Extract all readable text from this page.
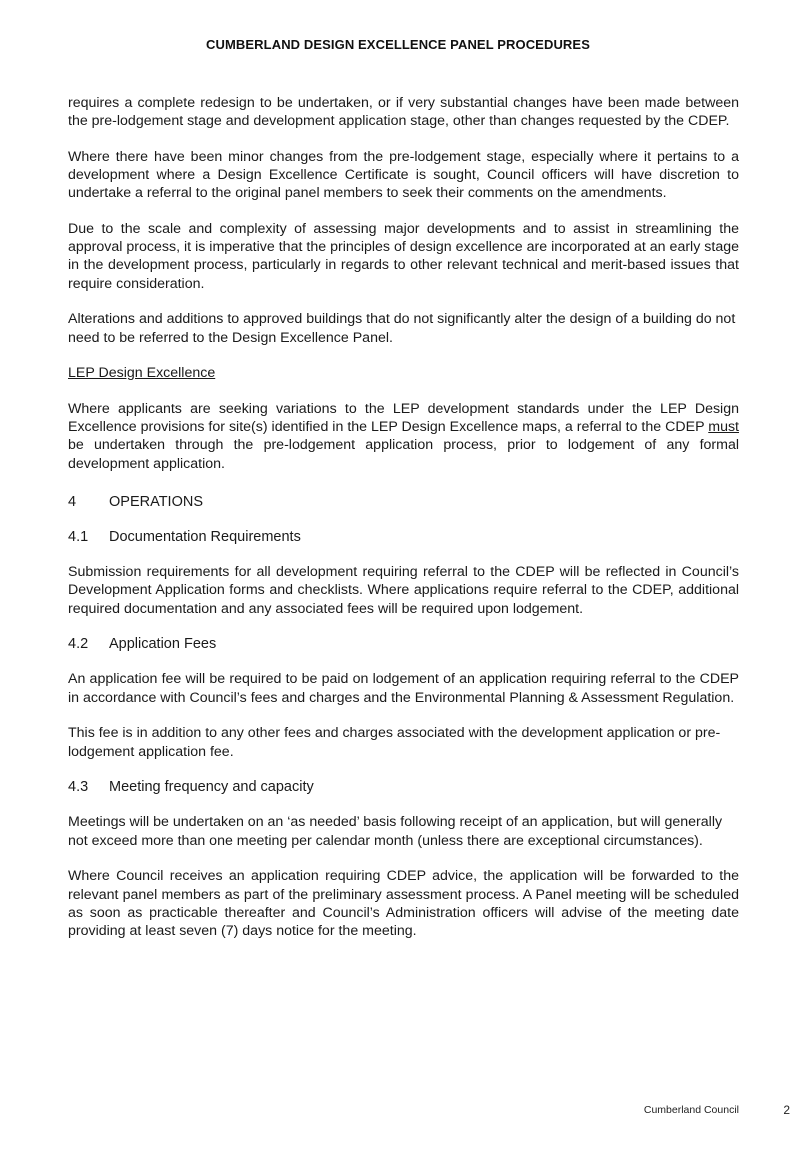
CUMBERLAND DESIGN EXCELLENCE PANEL PROCEDURES

requires a complete redesign to be undertaken, or if very substantial changes have been made between the pre-lodgement stage and development application stage, other than changes requested by the CDEP.

Where there have been minor changes from the pre-lodgement stage, especially where it pertains to a development where a Design Excellence Certificate is sought, Council officers will have discretion to undertake a referral to the original panel members to seek their comments on the amendments.

Due to the scale and complexity of assessing major developments and to assist in streamlining the approval process, it is imperative that the principles of design excellence are incorporated at an early stage in the development process, particularly in regards to other relevant technical and merit-based issues that require consideration.

Alterations and additions to approved buildings that do not significantly alter the design of a building do not need to be referred to the Design Excellence Panel.

LEP Design Excellence

Where applicants are seeking variations to the LEP development standards under the LEP Design Excellence provisions for site(s) identified in the LEP Design Excellence maps, a referral to the CDEP must be undertaken through the pre-lodgement application process, prior to lodgement of any formal development application.

4	OPERATIONS
4.1	Documentation Requirements

Submission requirements for all development requiring referral to the CDEP will be reflected in Council’s Development Application forms and checklists. Where applications require referral to the CDEP, additional required documentation and any associated fees will be required upon lodgement.

4.2	Application Fees

An application fee will be required to be paid on lodgement of an application requiring referral to the CDEP in accordance with Council’s fees and charges and the Environmental Planning & Assessment Regulation.

This fee is in addition to any other fees and charges associated with the development application or pre-lodgement application fee.

4.3	Meeting frequency and capacity

Meetings will be undertaken on an ‘as needed’ basis following receipt of an application, but will generally not exceed more than one meeting per calendar month (unless there are exceptional circumstances).

Where Council receives an application requiring CDEP advice, the application will be forwarded to the relevant panel members as part of the preliminary assessment process. A Panel meeting will be scheduled as soon as practicable thereafter and Council’s Administration officers will advise of the meeting date providing at least seven (7) days notice for the meeting.

Cumberland Council	2
